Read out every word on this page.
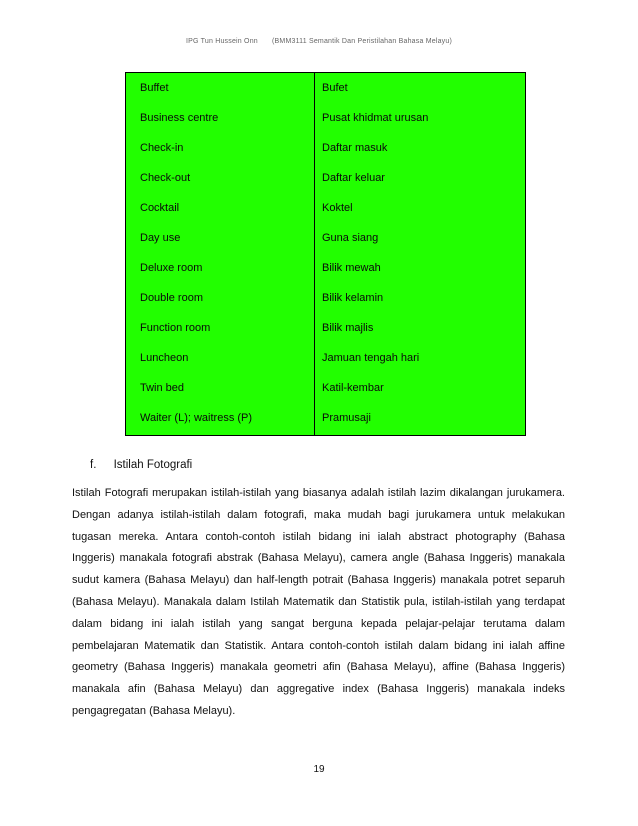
IPG Tun Hussein Onn (BMM3111 Semantik Dan Peristilahan Bahasa Melayu)
Buffet	Bufet
Business centre	Pusat khidmat urusan
Check-in	Daftar masuk
Check-out	Daftar keluar
Cocktail	Koktel
Day use	Guna siang
Deluxe room	Bilik mewah
Double room	Bilik kelamin
Function room	Bilik majlis
Luncheon	Jamuan tengah hari
Twin bed	Katil-kembar
Waiter (L); waitress (P)	Pramusaji
f. Istilah Fotografi
Istilah Fotografi merupakan istilah-istilah yang biasanya adalah istilah lazim dikalangan jurukamera. Dengan adanya istilah-istilah dalam fotografi, maka mudah bagi jurukamera untuk melakukan tugasan mereka. Antara contoh-contoh istilah bidang ini ialah abstract photography (Bahasa Inggeris) manakala fotografi abstrak (Bahasa Melayu), camera angle (Bahasa Inggeris) manakala sudut kamera (Bahasa Melayu) dan half-length potrait (Bahasa Inggeris) manakala potret separuh (Bahasa Melayu). Manakala dalam Istilah Matematik dan Statistik pula, istilah-istilah yang terdapat dalam bidang ini ialah istilah yang sangat berguna kepada pelajar-pelajar terutama dalam pembelajaran Matematik dan Statistik. Antara contoh-contoh istilah dalam bidang ini ialah affine geometry (Bahasa Inggeris) manakala geometri afin (Bahasa Melayu), affine (Bahasa Inggeris) manakala afin (Bahasa Melayu) dan aggregative index (Bahasa Inggeris) manakala indeks pengagregatan (Bahasa Melayu).
19
